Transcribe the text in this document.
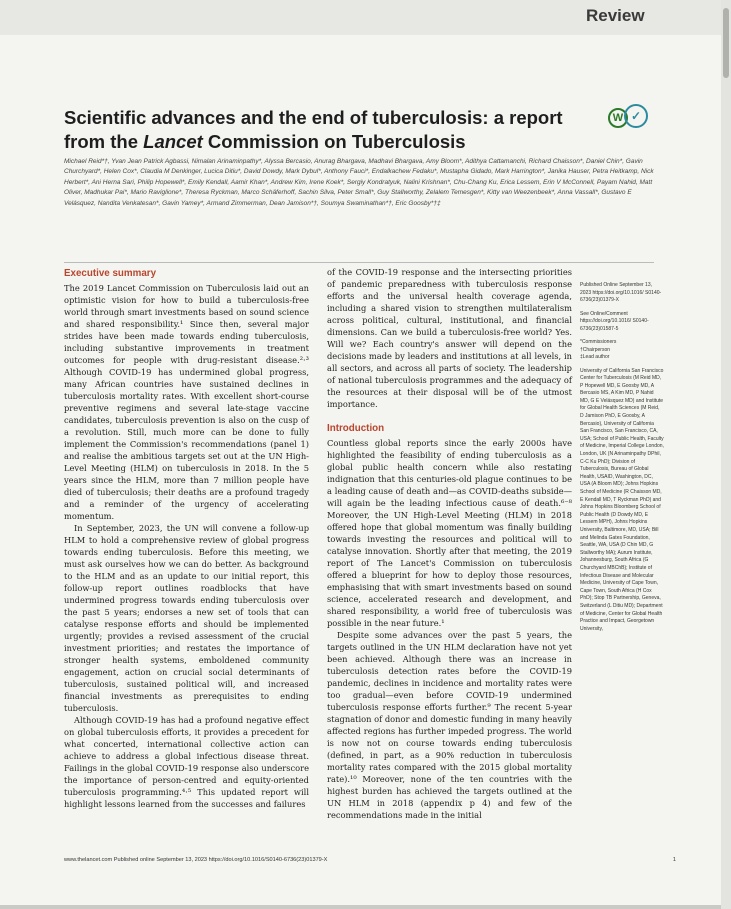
Review
Scientific advances and the end of tuberculosis: a report from the Lancet Commission on Tuberculosis
W ✓

Michael Reid*†, Yvan Jean Patrick Agbassi, Nimalan Arinaminpathy*, Alyssa Bercasio, Anurag Bhargava, Madhavi Bhargava, Amy Bloom*, Adithya Cattamanchi, Richard Chaisson*, Daniel Chin*, Gavin Churchyard*, Helen Cox*, Claudia M Denkinger, Lucica Ditiu*, David Dowdy, Mark Dybul*, Anthony Fauci*, Endalkachew Fedaku*, Mustapha Gidado, Mark Harrington*, Janika Hauser, Petra Heitkamp, Nick Herbert*, Ani Herna Sari, Philip Hopewell*, Emily Kendall, Aamir Khan*, Andrew Kim, Irene Koek*, Sergiy Kondratyuk, Nalini Krishnan*, Chu-Chang Ku, Erica Lessem, Erin V McConnell, Payam Nahid, Matt Oliver, Madhukar Pai*, Mario Raviglione*, Theresa Ryckman, Marco Schäferhoff, Sachin Silva, Peter Small*, Guy Stallworthy, Zelalem Temesgen*, Kitty van Weezenbeek*, Anna Vassall*, Gustavo E Velásquez, Nandita Venkatesan*, Gavin Yamey*, Armand Zimmerman, Dean Jamison*†, Soumya Swaminathan*†, Eric Goosby*†‡

Executive summary

The 2019 Lancet Commission on Tuberculosis laid out an optimistic vision for how to build a tuberculosis-free world through smart investments based on sound science and shared responsibility.¹ Since then, several major strides have been made towards ending tuberculosis, including substantive improvements in treatment outcomes for people with drug-resistant disease.²·³ Although COVID-19 has undermined global progress, many African countries have sustained declines in tuberculosis mortality rates. With excellent short-course preventive regimens and several late-stage vaccine candidates, tuberculosis prevention is also on the cusp of a revolution. Still, much more can be done to fully implement the Commission's recommendations (panel 1) and realise the ambitious targets set out at the UN High-Level Meeting (HLM) on tuberculosis in 2018. In the 5 years since the HLM, more than 7 million people have died of tuberculosis; their deaths are a profound tragedy and a reminder of the urgency of accelerating momentum.

In September, 2023, the UN will convene a follow-up HLM to hold a comprehensive review of global progress towards ending tuberculosis. Before this meeting, we must ask ourselves how we can do better. As background to the HLM and as an update to our initial report, this follow-up report outlines roadblocks that have undermined progress towards ending tuberculosis over the past 5 years; endorses a new set of tools that can catalyse response efforts and should be implemented urgently; provides a revised assessment of the crucial investment priorities; and restates the importance of stronger health systems, emboldened community engagement, action on crucial social determinants of tuberculosis, sustained political will, and increased financial investments as prerequisites to ending tuberculosis.

Although COVID-19 has had a profound negative effect on global tuberculosis efforts, it provides a precedent for what concerted, international collective action can achieve to address a global infectious disease threat. Failings in the global COVID-19 response also underscore the importance of person-centred and equity-oriented tuberculosis programming.⁴·⁵ This updated report will highlight lessons learned from the successes and failures

of the COVID-19 response and the intersecting priorities of pandemic preparedness with tuberculosis response efforts and the universal health coverage agenda, including a shared vision to strengthen multilateralism across political, cultural, institutional, and financial dimensions. Can we build a tuberculosis-free world? Yes. Will we? Each country's answer will depend on the decisions made by leaders and institutions at all levels, in all sectors, and across all parts of society. The leadership of national tuberculosis programmes and the adequacy of the resources at their disposal will be of the utmost importance.

Introduction

Countless global reports since the early 2000s have highlighted the feasibility of ending tuberculosis as a global public health concern while also restating indignation that this centuries-old plague continues to be a leading cause of death and—as COVID-deaths subside—will again be the leading infectious cause of death.⁶⁻⁸ Moreover, the UN High-Level Meeting (HLM) in 2018 offered hope that global momentum was finally building towards investing the resources and political will to catalyse innovation. Shortly after that meeting, the 2019 report of The Lancet's Commission on tuberculosis offered a blueprint for how to deploy those resources, emphasising that with smart investments based on sound science, accelerated research and development, and shared responsibility, a world free of tuberculosis was possible in the near future.¹

Despite some advances over the past 5 years, the targets outlined in the UN HLM declaration have not yet been achieved. Although there was an increase in tuberculosis detection rates before the COVID-19 pandemic, declines in incidence and mortality rates were too gradual—even before COVID-19 undermined tuberculosis response efforts further.⁹ The recent 5-year stagnation of donor and domestic funding in many heavily affected regions has further impeded progress. The world is now not on course towards ending tuberculosis (defined, in part, as a 90% reduction in tuberculosis mortality rates compared with the 2015 global mortality rate).¹⁰ Moreover, none of the ten countries with the highest burden has achieved the targets outlined at the UN HLM in 2018 (appendix p 4) and few of the recommendations made in the initial

Published Online September 13, 2023 https://doi.org/10.1016/ S0140-6736(23)01379-X
See Online/Comment https://doi.org/10.1016/ S0140-6736(23)01587-5
*Commissioners
†Chairperson
‡Lead author
University of California San Francisco Center for Tuberculosis (M Reid MD, P Hopewell MD, E Goosby MD, A Bercasio MS, A Kim MD, P Nahid MD, G E Velásquez MD) and Institute for Global Health Sciences (M Reid, D Jamison PhD, E Goosby, A Bercasio), University of California San Francisco, San Francisco, CA, USA; School of Public Health, Faculty of Medicine, Imperial College London, London, UK (N Arinaminpathy DPhil, C-C Ku PhD); Division of Tuberculosis, Bureau of Global Health, USAID, Washington, DC, USA (A Bloom MD); Johns Hopkins School of Medicine (R Chaisson MD, E Kendall MD, T Ryckman PhD) and Johns Hopkins Bloomberg School of Public Health (D Dowdy MD, E Lessem MPH), Johns Hopkins University, Baltimore, MD, USA; Bill and Melinda Gates Foundation, Seattle, WA, USA (D Chin MD, G Stallworthy MA); Aurum Institute, Johannesburg, South Africa (G Churchyard MBChB); Institute of Infectious Disease and Molecular Medicine, University of Cape Town, Cape Town, South Africa (H Cox PhD); Stop TB Partnership, Geneva, Switzerland (L Ditiu MD); Department of Medicine, Center for Global Health Practice and Impact, Georgetown University,
www.thelancet.com Published online September 13, 2023 https://doi.org/10.1016/S0140-6736(23)01379-X	1
